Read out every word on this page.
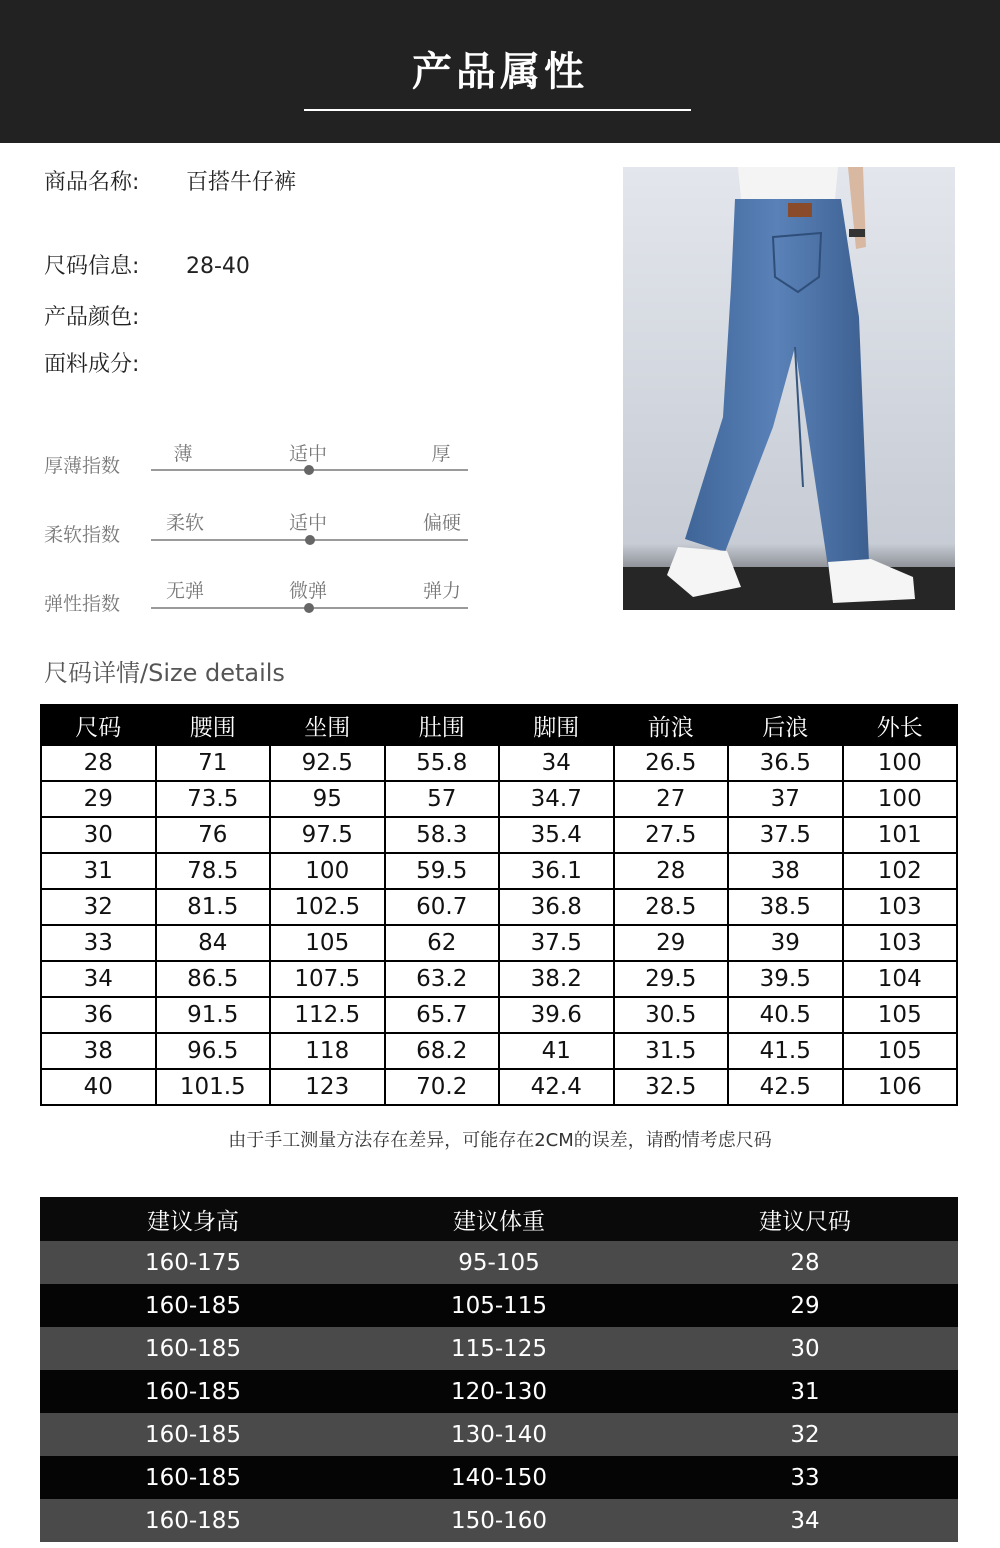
产品属性
商品名称: 百搭牛仔裤
尺码信息: 28-40
产品颜色:
面料成分:
厚薄指数
薄	适中	厚
柔软指数
柔软	适中	偏硬
弹性指数
无弹	微弹	弹力
尺码详情/Size details
尺码	腰围	坐围	肚围	脚围	前浪	后浪	外长
28	71	92.5	55.8	34	26.5	36.5	100
29	73.5	95	57	34.7	27	37	100
30	76	97.5	58.3	35.4	27.5	37.5	101
31	78.5	100	59.5	36.1	28	38	102
32	81.5	102.5	60.7	36.8	28.5	38.5	103
33	84	105	62	37.5	29	39	103
34	86.5	107.5	63.2	38.2	29.5	39.5	104
36	91.5	112.5	65.7	39.6	30.5	40.5	105
38	96.5	118	68.2	41	31.5	41.5	105
40	101.5	123	70.2	42.4	32.5	42.5	106
由于手工测量方法存在差异，可能存在2CM的误差，请酌情考虑尺码
建议身高	建议体重	建议尺码
160-175	95-105	28
160-185	105-115	29
160-185	115-125	30
160-185	120-130	31
160-185	130-140	32
160-185	140-150	33
160-185	150-160	34
